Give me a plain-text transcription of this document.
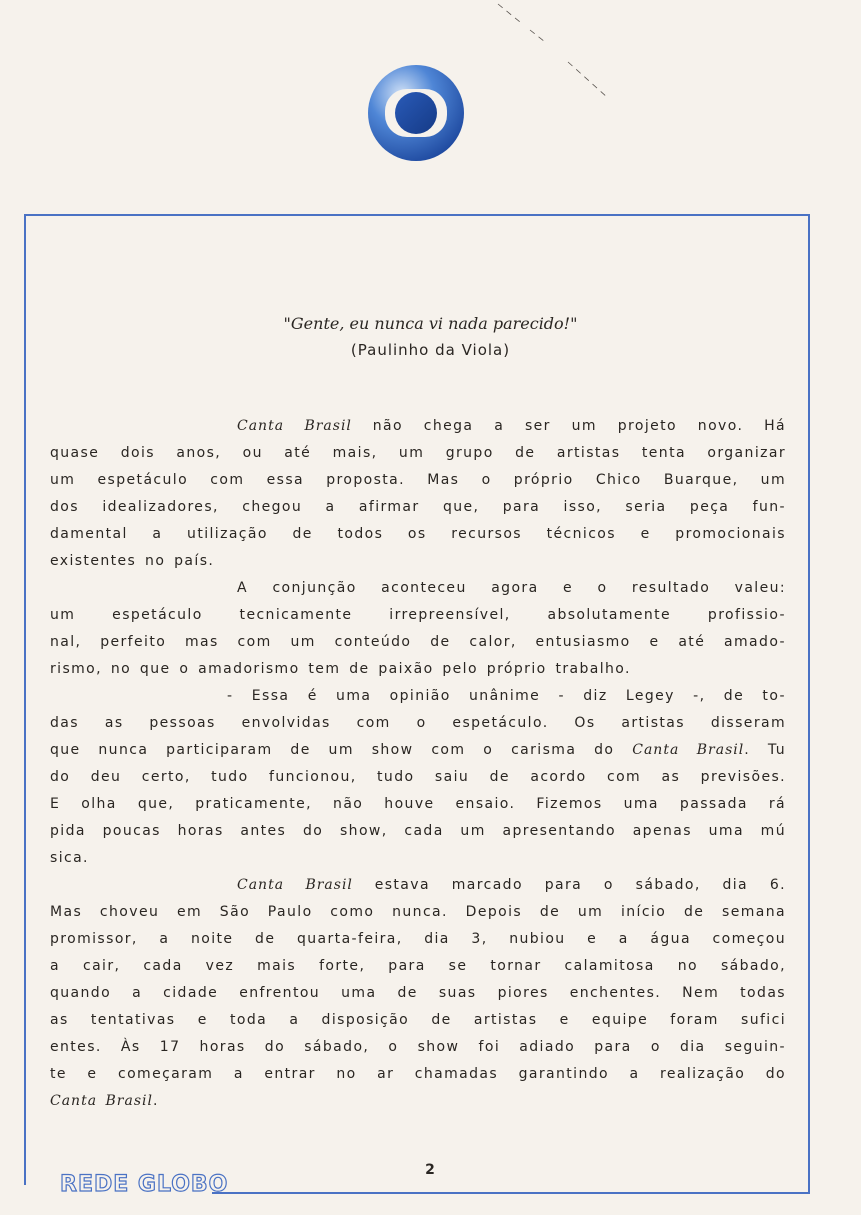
REDE GLOBO
2
"Gente, eu nunca vi nada parecido!"
(Paulinho da Viola)
Canta Brasil não chega a ser um projeto novo. Há
quase dois anos, ou até mais, um grupo de artistas tenta organizar
um espetáculo com essa proposta. Mas o próprio Chico Buarque, um
dos idealizadores, chegou a afirmar que, para isso, seria peça fun-
damental a utilização de todos os recursos técnicos e promocionais
existentes no país.
A conjunção aconteceu agora e o resultado valeu:
um espetáculo tecnicamente irrepreensível, absolutamente profissio-
nal, perfeito mas com um conteúdo de calor, entusiasmo e até amado-
rismo, no que o amadorismo tem de paixão pelo próprio trabalho.
- Essa é uma opinião unânime - diz Legey -, de to-
das as pessoas envolvidas com o espetáculo. Os artistas disseram
que nunca participaram de um show com o carisma do Canta Brasil. Tu
do deu certo, tudo funcionou, tudo saiu de acordo com as previsões.
E olha que, praticamente, não houve ensaio. Fizemos uma passada rá
pida poucas horas antes do show, cada um apresentando apenas uma mú
sica.
Canta Brasil estava marcado para o sábado, dia 6.
Mas choveu em São Paulo como nunca. Depois de um início de semana
promissor, a noite de quarta-feira, dia 3, nubiou e a água começou
a cair, cada vez mais forte, para se tornar calamitosa no sábado,
quando a cidade enfrentou uma de suas piores enchentes. Nem todas
as tentativas e toda a disposição de artistas e equipe foram sufici
entes. Às 17 horas do sábado, o show foi adiado para o dia seguin-
te e começaram a entrar no ar chamadas garantindo a realização do
Canta Brasil.
